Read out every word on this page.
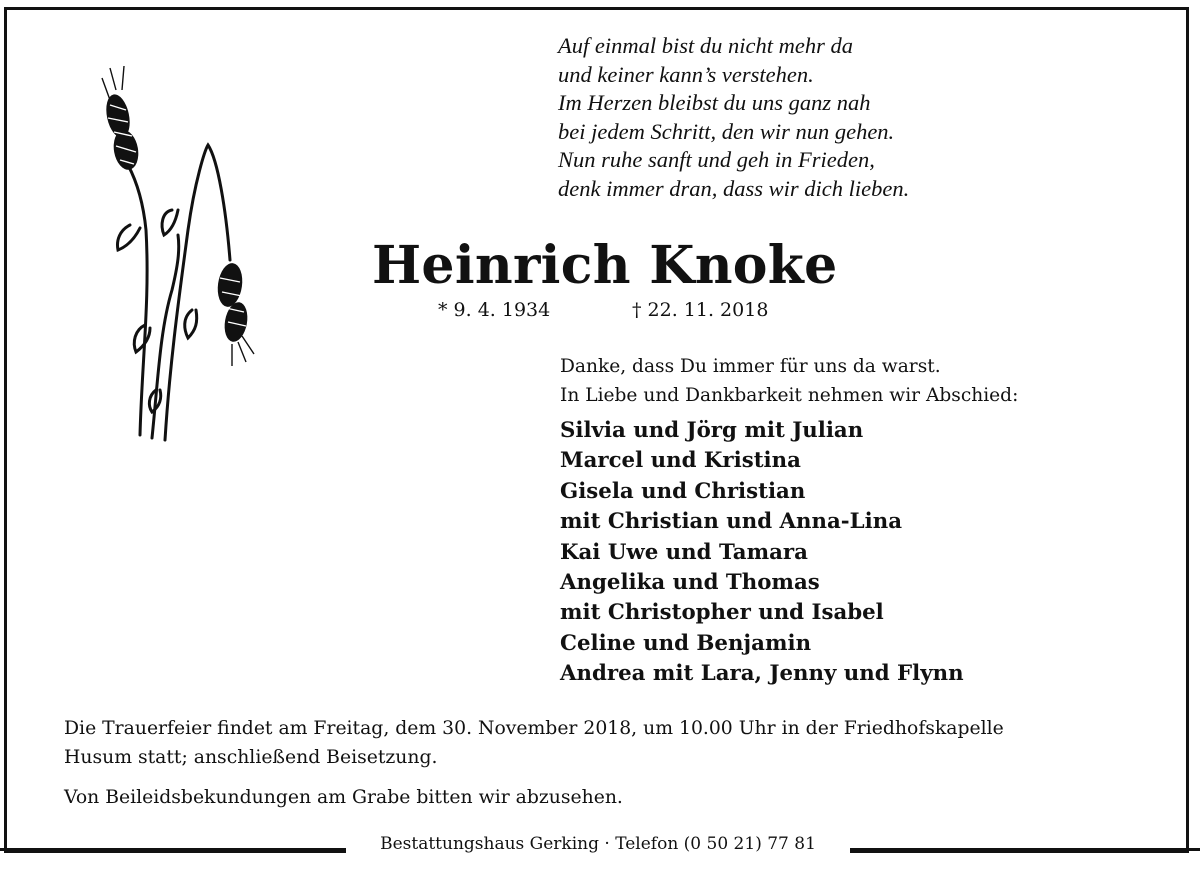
Auf einmal bist du nicht mehr da
und keiner kann’s verstehen.
Im Herzen bleibst du uns ganz nah
bei jedem Schritt, den wir nun gehen.
Nun ruhe sanft und geh in Frieden,
denk immer dran, dass wir dich lieben.
Heinrich Knoke
* 9. 4. 1934	† 22. 11. 2018
Danke, dass Du immer für uns da warst.
In Liebe und Dankbarkeit nehmen wir Abschied:
Silvia und Jörg mit Julian
Marcel und Kristina
Gisela und Christian
mit Christian und Anna-Lina
Kai Uwe und Tamara
Angelika und Thomas
mit Christopher und Isabel
Celine und Benjamin
Andrea mit Lara, Jenny und Flynn
Die Trauerfeier findet am Freitag, dem 30. November 2018, um 10.00 Uhr in der Friedhofskapelle
Husum statt; anschließend Beisetzung.
Von Beileidsbekundungen am Grabe bitten wir abzusehen.
Bestattungshaus Gerking · Telefon (0 50 21) 77 81
